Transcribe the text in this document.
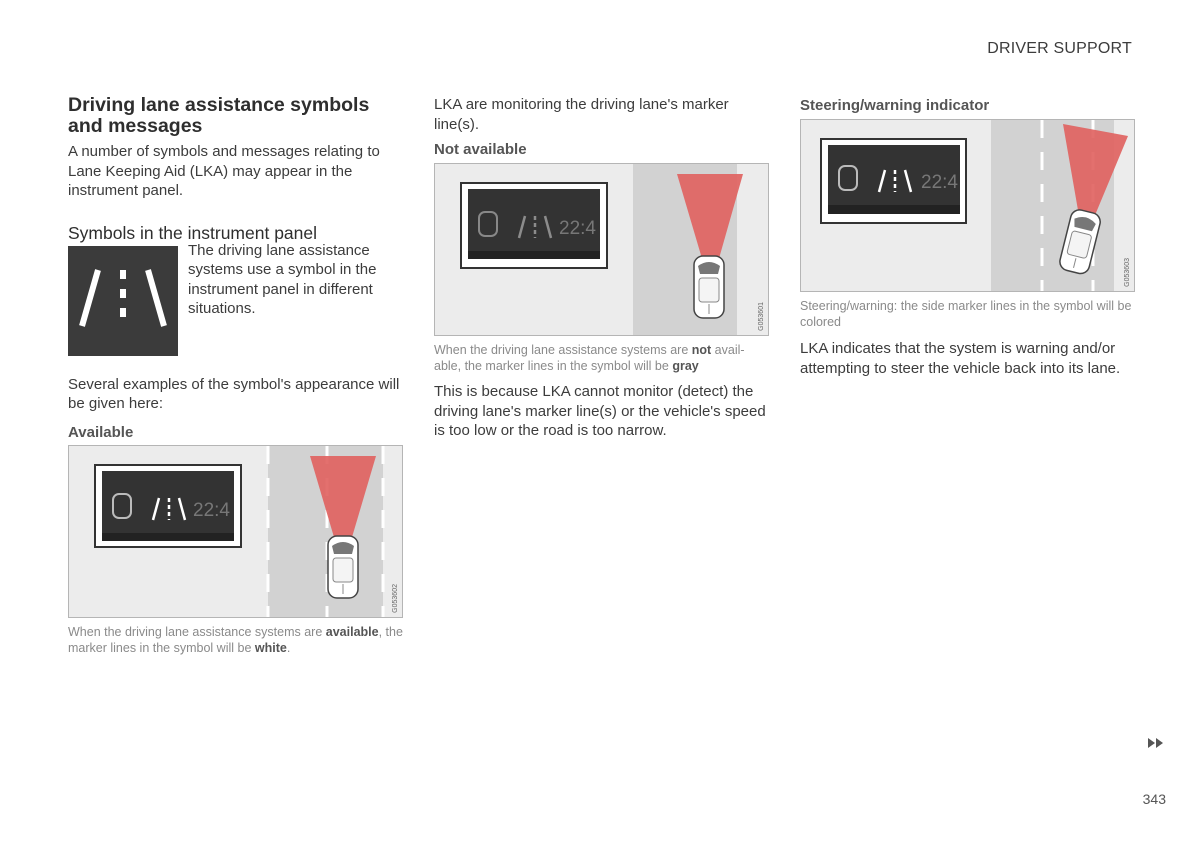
DRIVER SUPPORT
Driving lane assistance symbols and messages

A number of symbols and messages relating to Lane Keeping Aid (LKA) may appear in the instrument panel.

Symbols in the instrument panel

The driving lane assistance systems use a symbol in the instrument panel in different situations.

Several examples of the symbol's appearance will be given here:

Available
22:4
G053602

When the driving lane assistance systems are available, the marker lines in the symbol will be white.

LKA are monitoring the driving lane's marker line(s).

Not available
22:4
G053601

When the driving lane assistance systems are not avail-able, the marker lines in the symbol will be gray

This is because LKA cannot monitor (detect) the driving lane's marker line(s) or the vehicle's speed is too low or the road is too narrow.

Steering/warning indicator
22:4
G053603

Steering/warning: the side marker lines in the symbol will be colored

LKA indicates that the system is warning and/or attempting to steer the vehicle back into its lane.

343
